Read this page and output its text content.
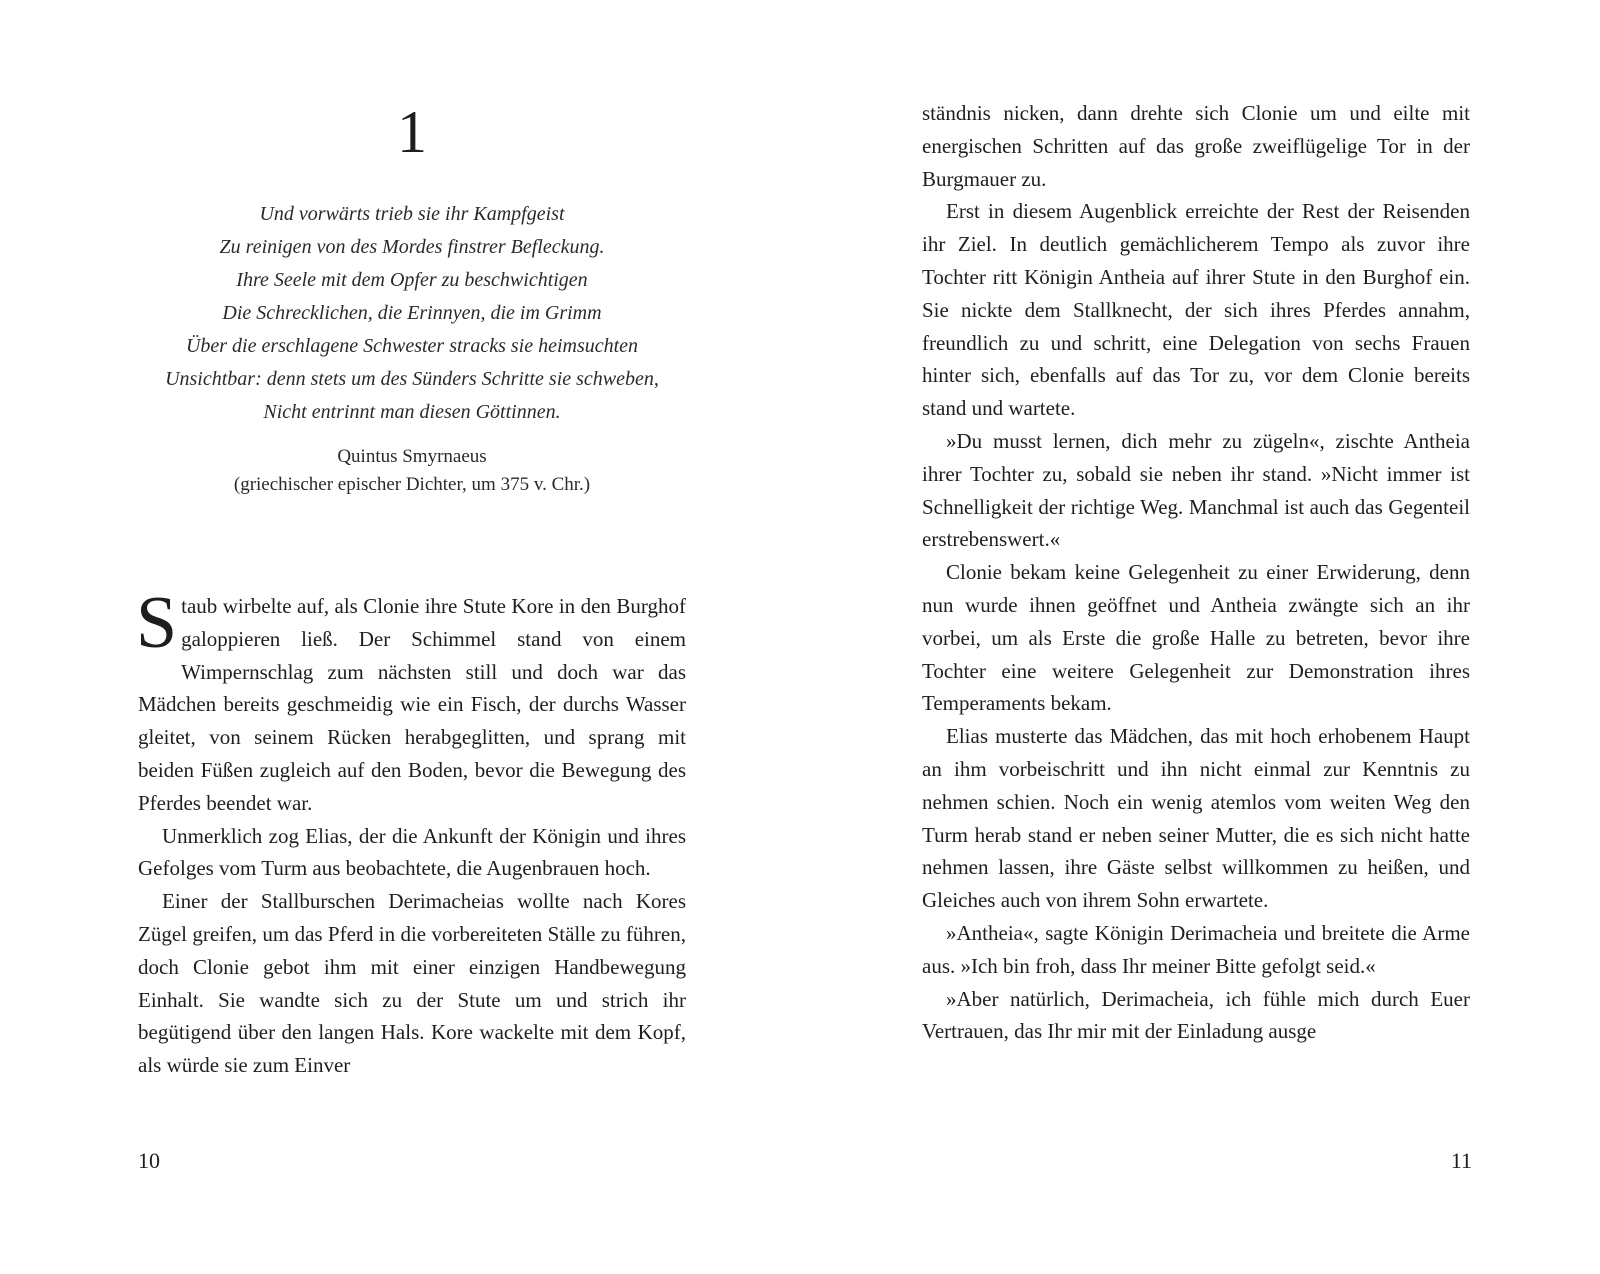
1
Und vorwärts trieb sie ihr Kampfgeist
Zu reinigen von des Mordes finstrer Befleckung.
Ihre Seele mit dem Opfer zu beschwichtigen
Die Schrecklichen, die Erinnyen, die im Grimm
Über die erschlagene Schwester stracks sie heimsuchten
Unsichtbar: denn stets um des Sünders Schritte sie schweben,
Nicht entrinnt man diesen Göttinnen.
Quintus Smyrnaeus
(griechischer epischer Dichter, um 375 v. Chr.)

Staub wirbelte auf, als Clonie ihre Stute Kore in den Burghof galoppieren ließ. Der Schimmel stand von einem Wimpernschlag zum nächsten still und doch war das Mädchen bereits geschmeidig wie ein Fisch, der durchs Wasser gleitet, von seinem Rücken herabgeglitten, und sprang mit beiden Füßen zugleich auf den Boden, bevor die Bewegung des Pferdes beendet war.

Unmerklich zog Elias, der die Ankunft der Königin und ihres Gefolges vom Turm aus beobachtete, die Augenbrauen hoch.

Einer der Stallburschen Derimacheias wollte nach Kores Zügel greifen, um das Pferd in die vorbereiteten Ställe zu führen, doch Clonie gebot ihm mit einer einzigen Handbewegung Einhalt. Sie wandte sich zu der Stute um und strich ihr begütigend über den langen Hals. Kore wackelte mit dem Kopf, als würde sie zum Einver

10

ständnis nicken, dann drehte sich Clonie um und eilte mit energischen Schritten auf das große zweiflügelige Tor in der Burgmauer zu.

Erst in diesem Augenblick erreichte der Rest der Reisenden ihr Ziel. In deutlich gemächlicherem Tempo als zuvor ihre Tochter ritt Königin Antheia auf ihrer Stute in den Burghof ein. Sie nickte dem Stallknecht, der sich ihres Pferdes annahm, freundlich zu und schritt, eine Delegation von sechs Frauen hinter sich, ebenfalls auf das Tor zu, vor dem Clonie bereits stand und wartete.

»Du musst lernen, dich mehr zu zügeln«, zischte Antheia ihrer Tochter zu, sobald sie neben ihr stand. »Nicht immer ist Schnelligkeit der richtige Weg. Manchmal ist auch das Gegenteil erstrebenswert.«

Clonie bekam keine Gelegenheit zu einer Erwiderung, denn nun wurde ihnen geöffnet und Antheia zwängte sich an ihr vorbei, um als Erste die große Halle zu betreten, bevor ihre Tochter eine weitere Gelegenheit zur Demonstration ihres Temperaments bekam.

Elias musterte das Mädchen, das mit hoch erhobenem Haupt an ihm vorbeischritt und ihn nicht einmal zur Kenntnis zu nehmen schien. Noch ein wenig atemlos vom weiten Weg den Turm herab stand er neben seiner Mutter, die es sich nicht hatte nehmen lassen, ihre Gäste selbst willkommen zu heißen, und Gleiches auch von ihrem Sohn erwartete.

»Antheia«, sagte Königin Derimacheia und breitete die Arme aus. »Ich bin froh, dass Ihr meiner Bitte gefolgt seid.«

»Aber natürlich, Derimacheia, ich fühle mich durch Euer Vertrauen, das Ihr mir mit der Einladung ausge

11
